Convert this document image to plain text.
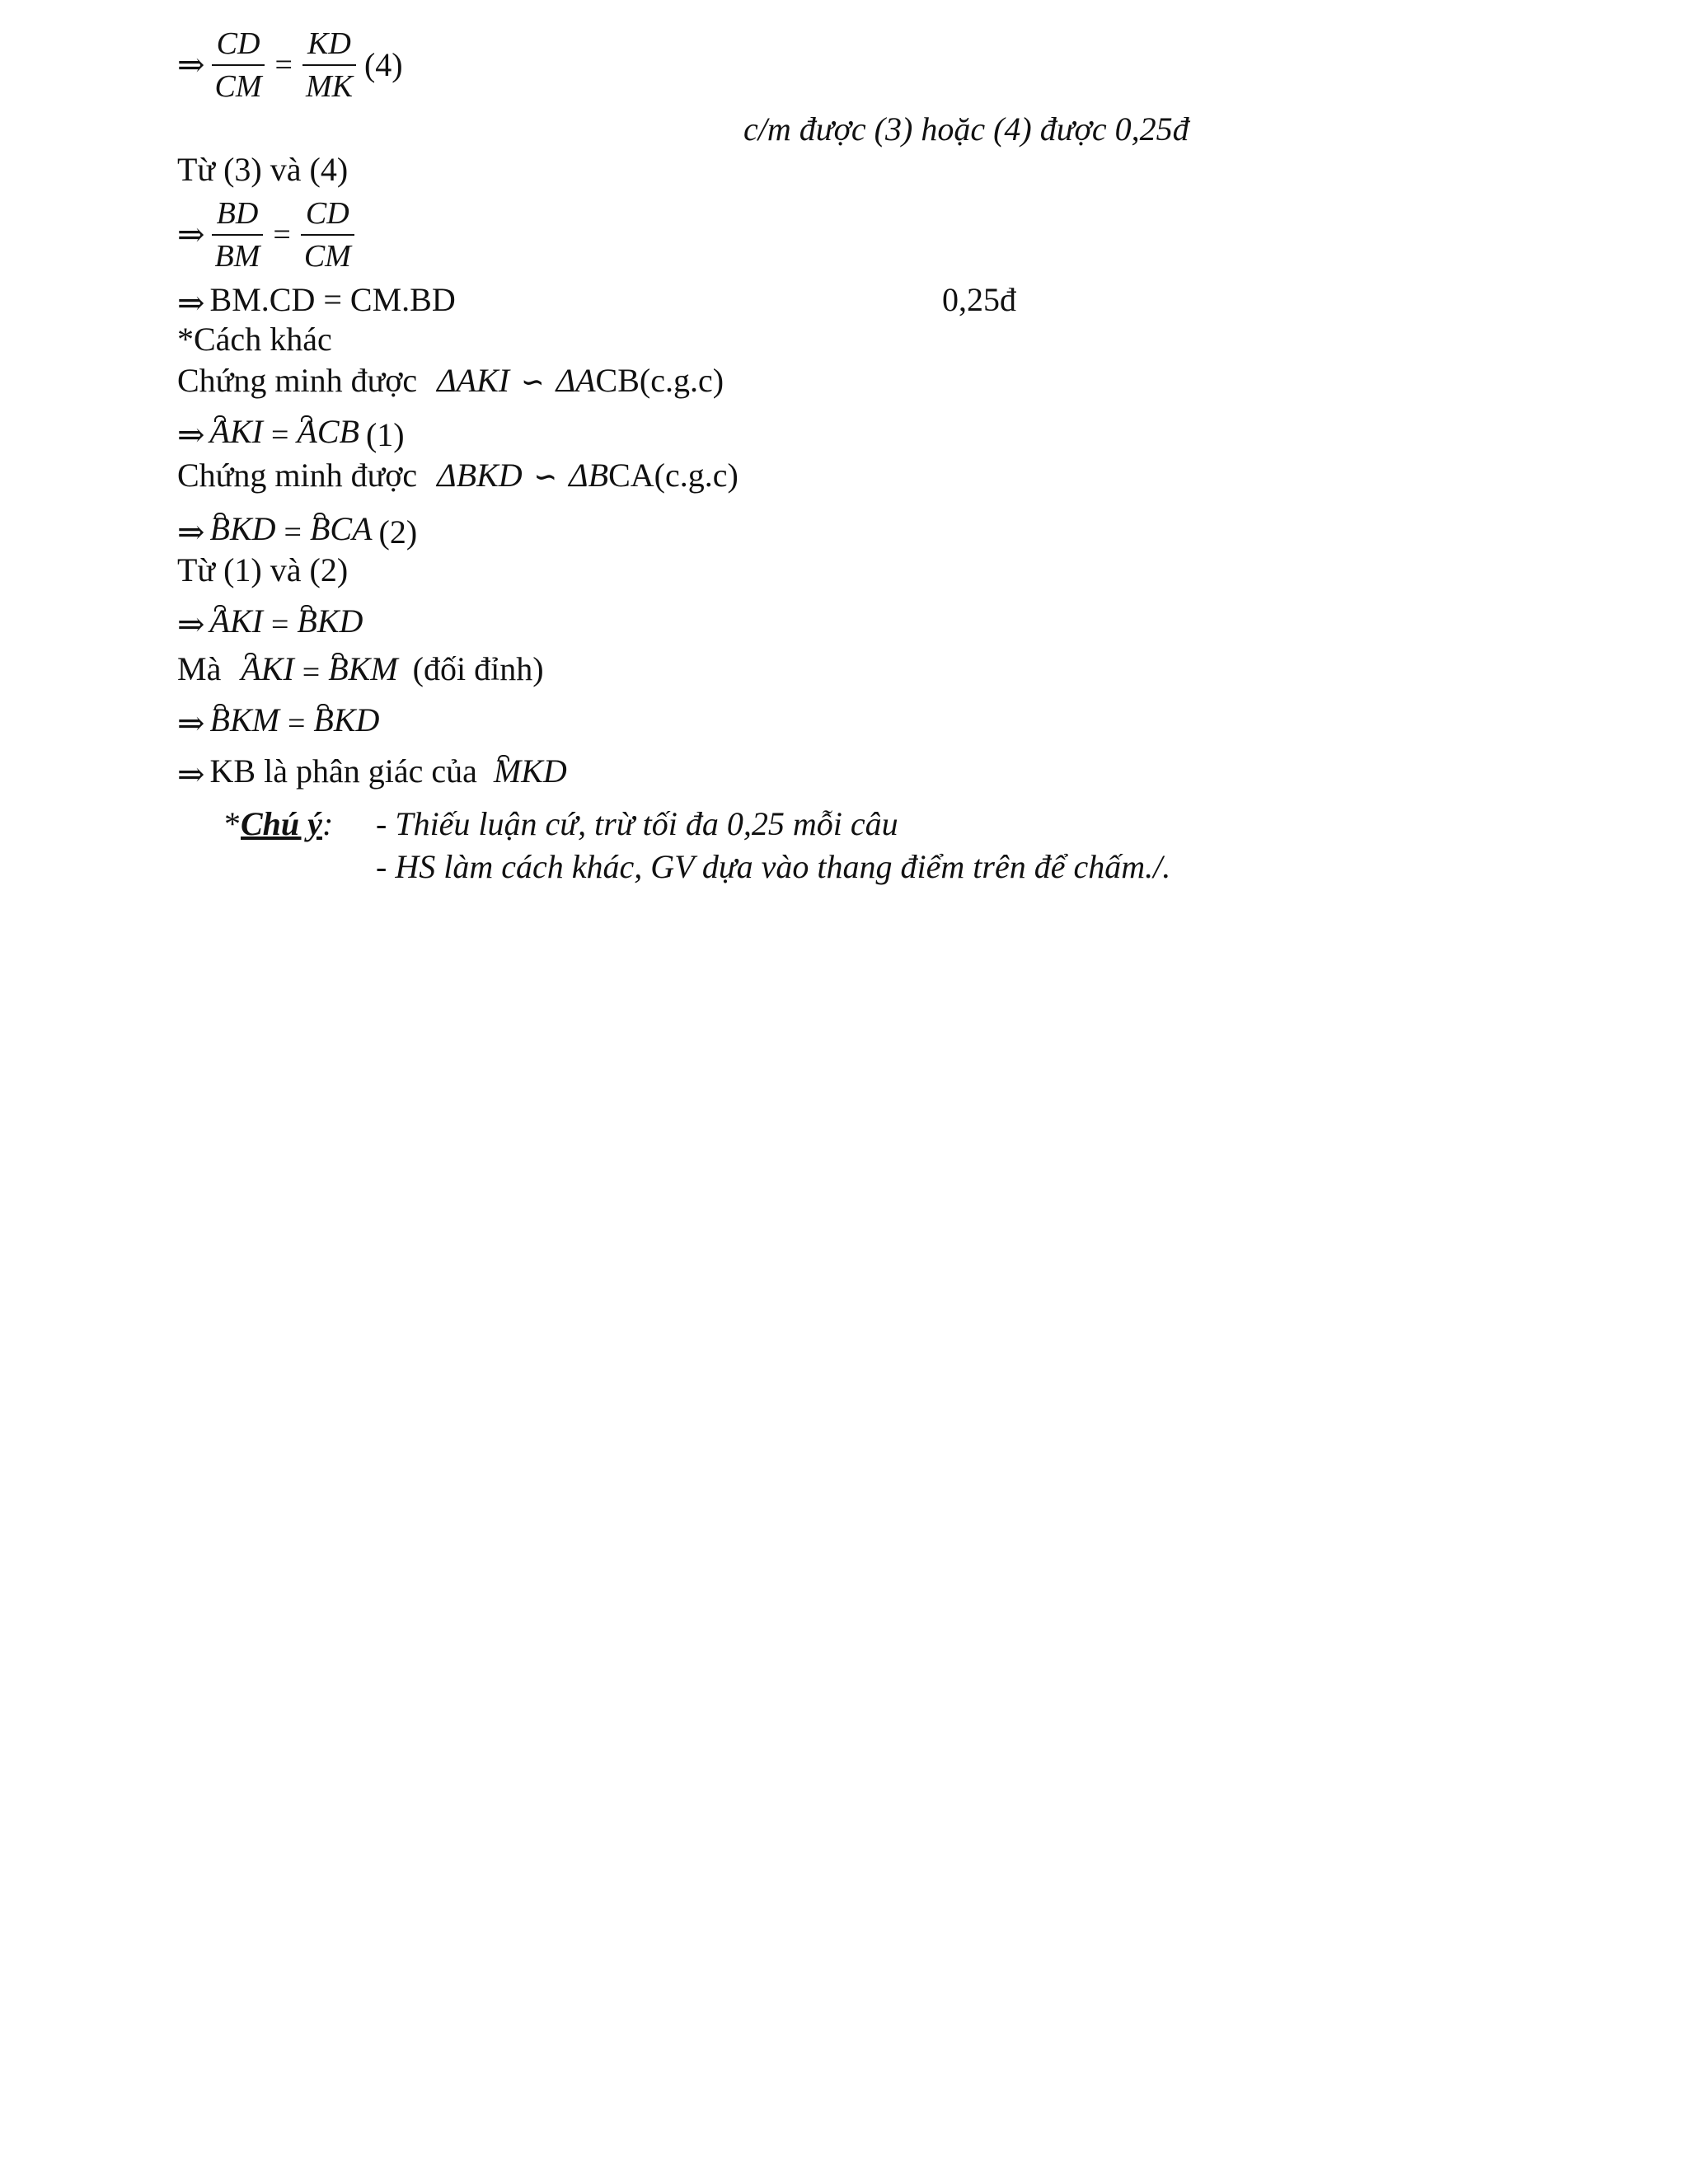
⇒ $\frac{CD}{CM} = \frac{KD}{MK} (4)$
c/m được (3) hoặc (4) được 0,25đ
Từ (3) và (4)
⇒ $\frac{BD}{BM} = \frac{CD}{CM}$
⇒ BM.CD = CM.BD	0,25đ
*Cách khác
Chứng minh được ΔAKI ∽ ΔACB(c.g.c)
⇒ AKI = ACB (1)
Chứng minh được ΔBKD ∽ ΔBCA(c.g.c)
⇒ BKD = BCA (2)
Từ (1) và (2)
⇒ AKI = BKD
Mà AKI = BKM (đối đỉnh)
⇒ BKM = BKD
⇒ KB là phân giác của MKD
*Chú ý: - Thiếu luận cứ, trừ tối đa 0,25 mỗi câu
- HS làm cách khác, GV dựa vào thang điểm trên để chấm./.
